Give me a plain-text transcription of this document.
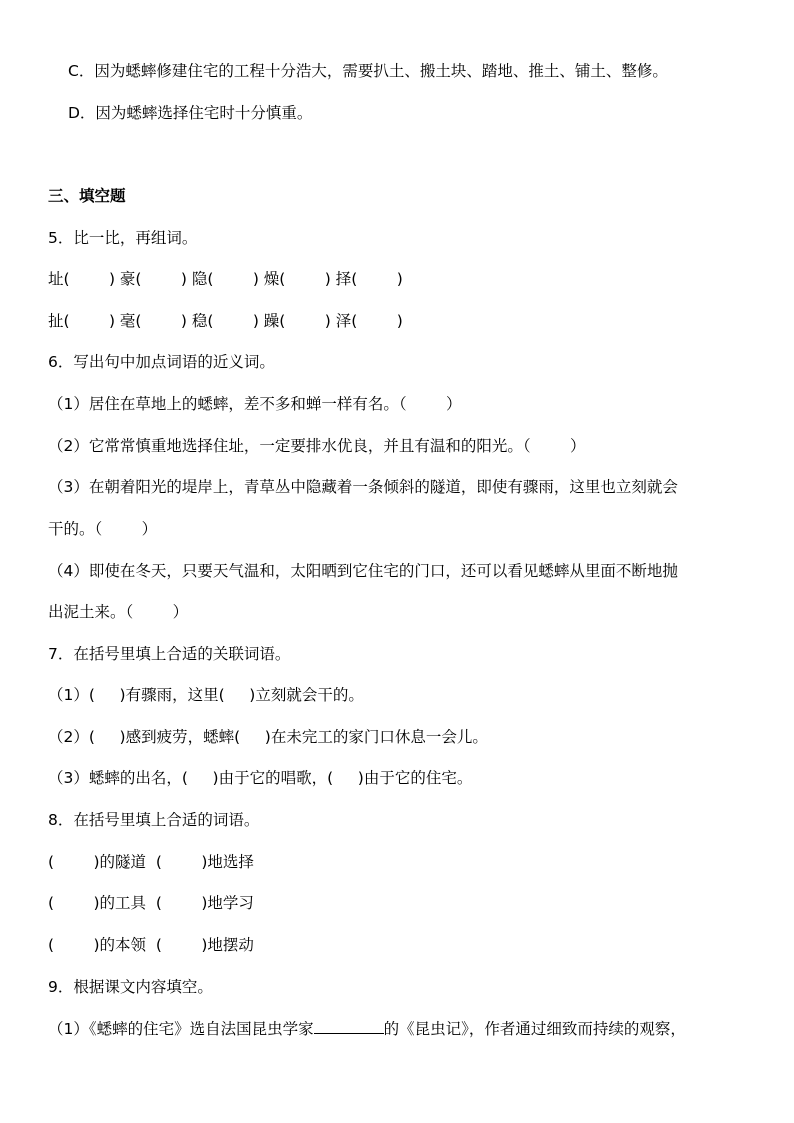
C．因为蟋蟀修建住宅的工程十分浩大，需要扒土、搬土块、踏地、推土、铺土、整修。
D．因为蟋蟀选择住宅时十分慎重。
三、填空题
5．比一比，再组词。
址(        ) 豪(        ) 隐(        ) 燥(        ) 择(        )
扯(        ) 毫(        ) 稳(        ) 躁(        ) 泽(        )
6．写出句中加点词语的近义词。
（1）居住在草地上的蟋蟀，差不多和蝉一样有名。（        ）
（2）它常常慎重地选择住址，一定要排水优良，并且有温和的阳光。（        ）
（3）在朝着阳光的堤岸上，青草丛中隐藏着一条倾斜的隧道，即使有骤雨，这里也立刻就会
干的。（        ）
（4）即使在冬天，只要天气温和，太阳晒到它住宅的门口，还可以看见蟋蟀从里面不断地抛
出泥土来。（        ）
7．在括号里填上合适的关联词语。
（1）(     )有骤雨，这里(     )立刻就会干的。
（2）(     )感到疲劳，蟋蟀(     )在未完工的家门口休息一会儿。
（3）蟋蟀的出名，(     )由于它的唱歌，(     )由于它的住宅。
8．在括号里填上合适的词语。
(        )的隧道  (        )地选择
(        )的工具  (        )地学习
(        )的本领  (        )地摆动
9．根据课文内容填空。
（1）《蟋蟀的住宅》选自法国昆虫学家	的《昆虫记》，作者通过细致而持续的观察，
